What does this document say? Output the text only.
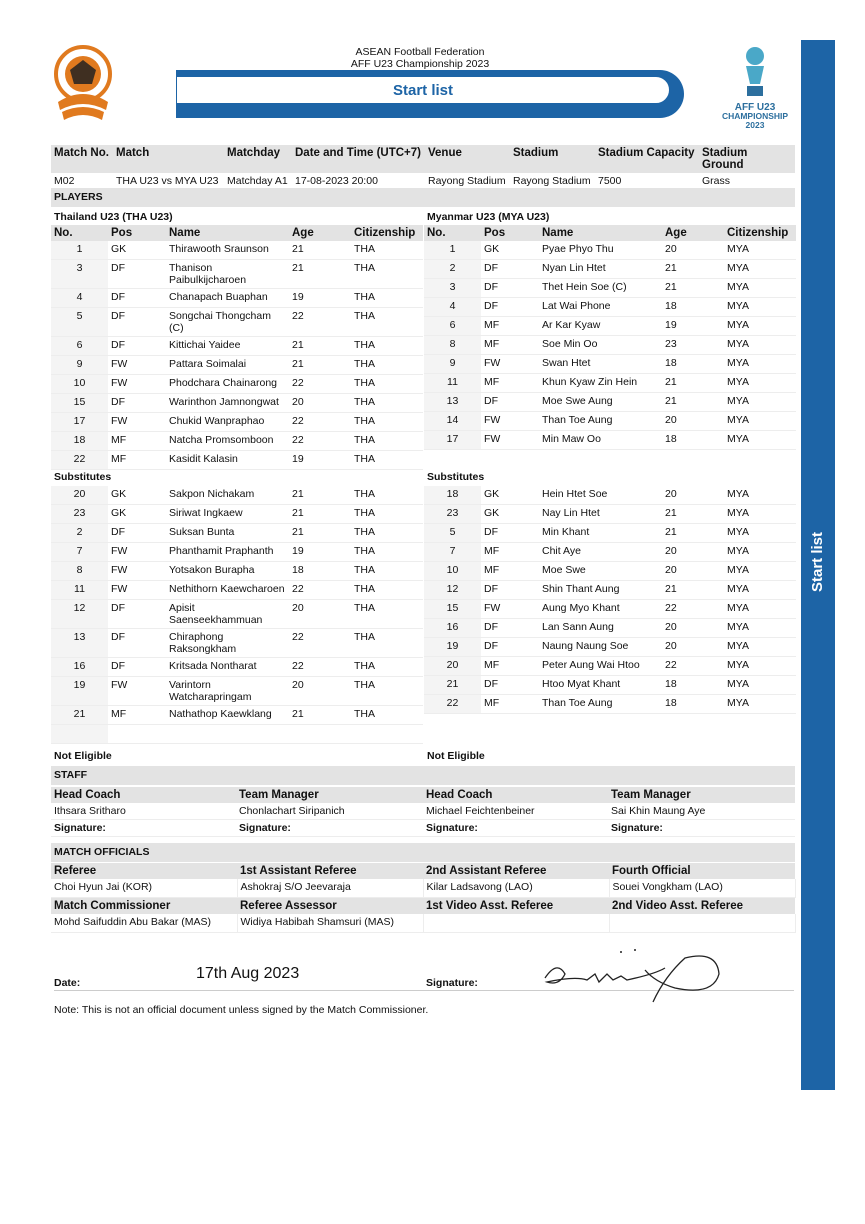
ASEAN Football Federation
AFF U23 Championship 2023
Start list
AFF U23
CHAMPIONSHIP
2023
Start list
Match No.	Match	Matchday	Date and Time (UTC+7)	Venue	Stadium	Stadium Capacity	Stadium Ground
M02	THA U23 vs MYA U23	Matchday A1	17-08-2023 20:00	Rayong Stadium	Rayong Stadium	7500	Grass
PLAYERS
Thailand U23 (THA U23)	Myanmar U23 (MYA U23)
No.	Pos	Name	Age	Citizenship
1	GK	Thirawooth Sraunson	21	THA
3	DF	Thanison Paibulkijcharoen	21	THA
4	DF	Chanapach Buaphan	19	THA
5	DF	Songchai Thongcham (C)	22	THA
6	DF	Kittichai Yaidee	21	THA
9	FW	Pattara Soimalai	21	THA
10	FW	Phodchara Chainarong	22	THA
15	DF	Warinthon Jamnongwat	20	THA
17	FW	Chukid Wanpraphao	22	THA
18	MF	Natcha Promsomboon	22	THA
22	MF	Kasidit Kalasin	19	THA
No.	Pos	Name	Age	Citizenship
1	GK	Pyae Phyo Thu	20	MYA
2	DF	Nyan Lin Htet	21	MYA
3	DF	Thet Hein Soe (C)	21	MYA
4	DF	Lat Wai Phone	18	MYA
6	MF	Ar Kar Kyaw	19	MYA
8	MF	Soe Min Oo	23	MYA
9	FW	Swan Htet	18	MYA
11	MF	Khun Kyaw Zin Hein	21	MYA
13	DF	Moe Swe Aung	21	MYA
14	FW	Than Toe Aung	20	MYA
17	FW	Min Maw Oo	18	MYA
Substitutes	Substitutes
20	GK	Sakpon Nichakam	21	THA
23	GK	Siriwat Ingkaew	21	THA
2	DF	Suksan Bunta	21	THA
7	FW	Phanthamit Praphanth	19	THA
8	FW	Yotsakon Burapha	18	THA
11	FW	Nethithorn Kaewcharoen	22	THA
12	DF	Apisit Saenseekhammuan	20	THA
13	DF	Chiraphong Raksongkham	22	THA
16	DF	Kritsada Nontharat	22	THA
19	FW	Varintorn Watcharapringam	20	THA
21	MF	Nathathop Kaewklang	21	THA

18	GK	Hein Htet Soe	20	MYA
23	GK	Nay Lin Htet	21	MYA
5	DF	Min Khant	21	MYA
7	MF	Chit Aye	20	MYA
10	MF	Moe Swe	20	MYA
12	DF	Shin Thant Aung	21	MYA
15	FW	Aung Myo Khant	22	MYA
16	DF	Lan Sann Aung	20	MYA
19	DF	Naung Naung Soe	20	MYA
20	MF	Peter Aung Wai Htoo	22	MYA
21	DF	Htoo Myat Khant	18	MYA
22	MF	Than Toe Aung	18	MYA
Not Eligible	Not Eligible
STAFF
Head Coach	Team Manager	Head Coach	Team Manager
Ithsara Sritharo	Chonlachart Siripanich	Michael Feichtenbeiner	Sai Khin Maung Aye
Signature:	Signature:	Signature:	Signature:
MATCH OFFICIALS
Referee	1st Assistant Referee	2nd Assistant Referee	Fourth Official
Choi Hyun Jai (KOR)	Ashokraj S/O Jeevaraja	Kilar Ladsavong (LAO)	Souei Vongkham (LAO)
Match Commissioner	Referee Assessor	1st Video Asst. Referee	2nd Video Asst. Referee
Mohd Saifuddin Abu Bakar (MAS)	Widiya Habibah Shamsuri (MAS)		
Date:
17th Aug 2023
Signature:
Note: This is not an official document unless signed by the Match Commissioner.
